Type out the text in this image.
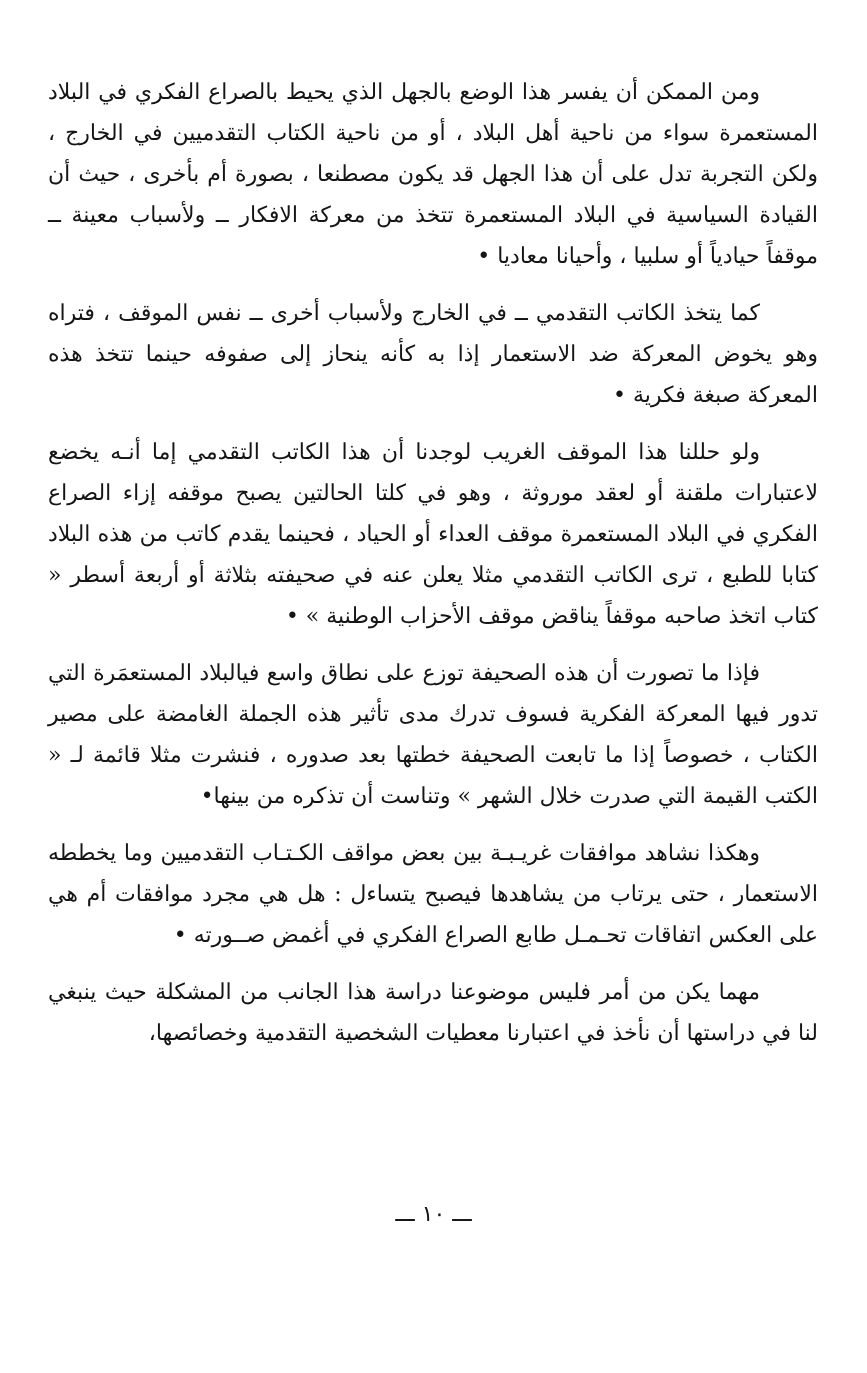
ومن الممكن أن يفسر هذا الوضع بالجهل الذي يحيط بالصراع الفكري في البلاد المستعمرة سواء من ناحية أهل البلاد ، أو من ناحية الكتاب التقدميين في الخارج ، ولكن التجربة تدل على أن هذا الجهل قد يكون مصطنعا ، بصورة أم بأخرى ، حيث أن القيادة السياسية في البلاد المستعمرة تتخذ من معركة الافكار ــ ولأسباب معينة ــ موقفاً حيادياً أو سلبيا ، وأحيانا معاديا •

كما يتخذ الكاتب التقدمي ــ في الخارج ولأسباب أخرى ــ نفس الموقف ، فتراه وهو يخوض المعركة ضد الاستعمار إذا به كأنه ينحاز إلى صفوفه حينما تتخذ هذه المعركة صبغة فكرية •

ولو حللنا هذا الموقف الغريب لوجدنا أن هذا الكاتب التقدمي إما أنـه يخضع لاعتبارات ملقنة أو لعقد موروثة ، وهو في كلتا الحالتين يصبح موقفه إزاء الصراع الفكري في البلاد المستعمرة موقف العداء أو الحياد ، فحينما يقدم كاتب من هذه البلاد كتابا للطبع ، ترى الكاتب التقدمي مثلا يعلن عنه في صحيفته بثلاثة أو أربعة أسطر « كتاب اتخذ صاحبه موقفاً يناقض موقف الأحزاب الوطنية » •

فإذا ما تصورت أن هذه الصحيفة توزع على نطاق واسع فيالبلاد المستعمَرة التي تدور فيها المعركة الفكرية فسوف تدرك مدى تأثير هذه الجملة الغامضة على مصير الكتاب ، خصوصاً إذا ما تابعت الصحيفة خطتها بعد صدوره ، فنشرت مثلا قائمة لـ « الكتب القيمة التي صدرت خلال الشهر » وتناست أن تذكره من بينها•

وهكذا نشاهد موافقات غريـبـة بين بعض مواقف الكـتـاب التقدميين وما يخططه الاستعمار ، حتى يرتاب من يشاهدها فيصبح يتساءل : هل هي مجرد موافقات أم هي على العكس اتفاقات تحـمـل طابع الصراع الفكري في أغمض صــورته •

مهما يكن من أمر فليس موضوعنا دراسة هذا الجانب من المشكلة حيث ينبغي لنا في دراستها أن نأخذ في اعتبارنا معطيات الشخصية التقدمية وخصائصها،

ـــ ١٠ ـــ
